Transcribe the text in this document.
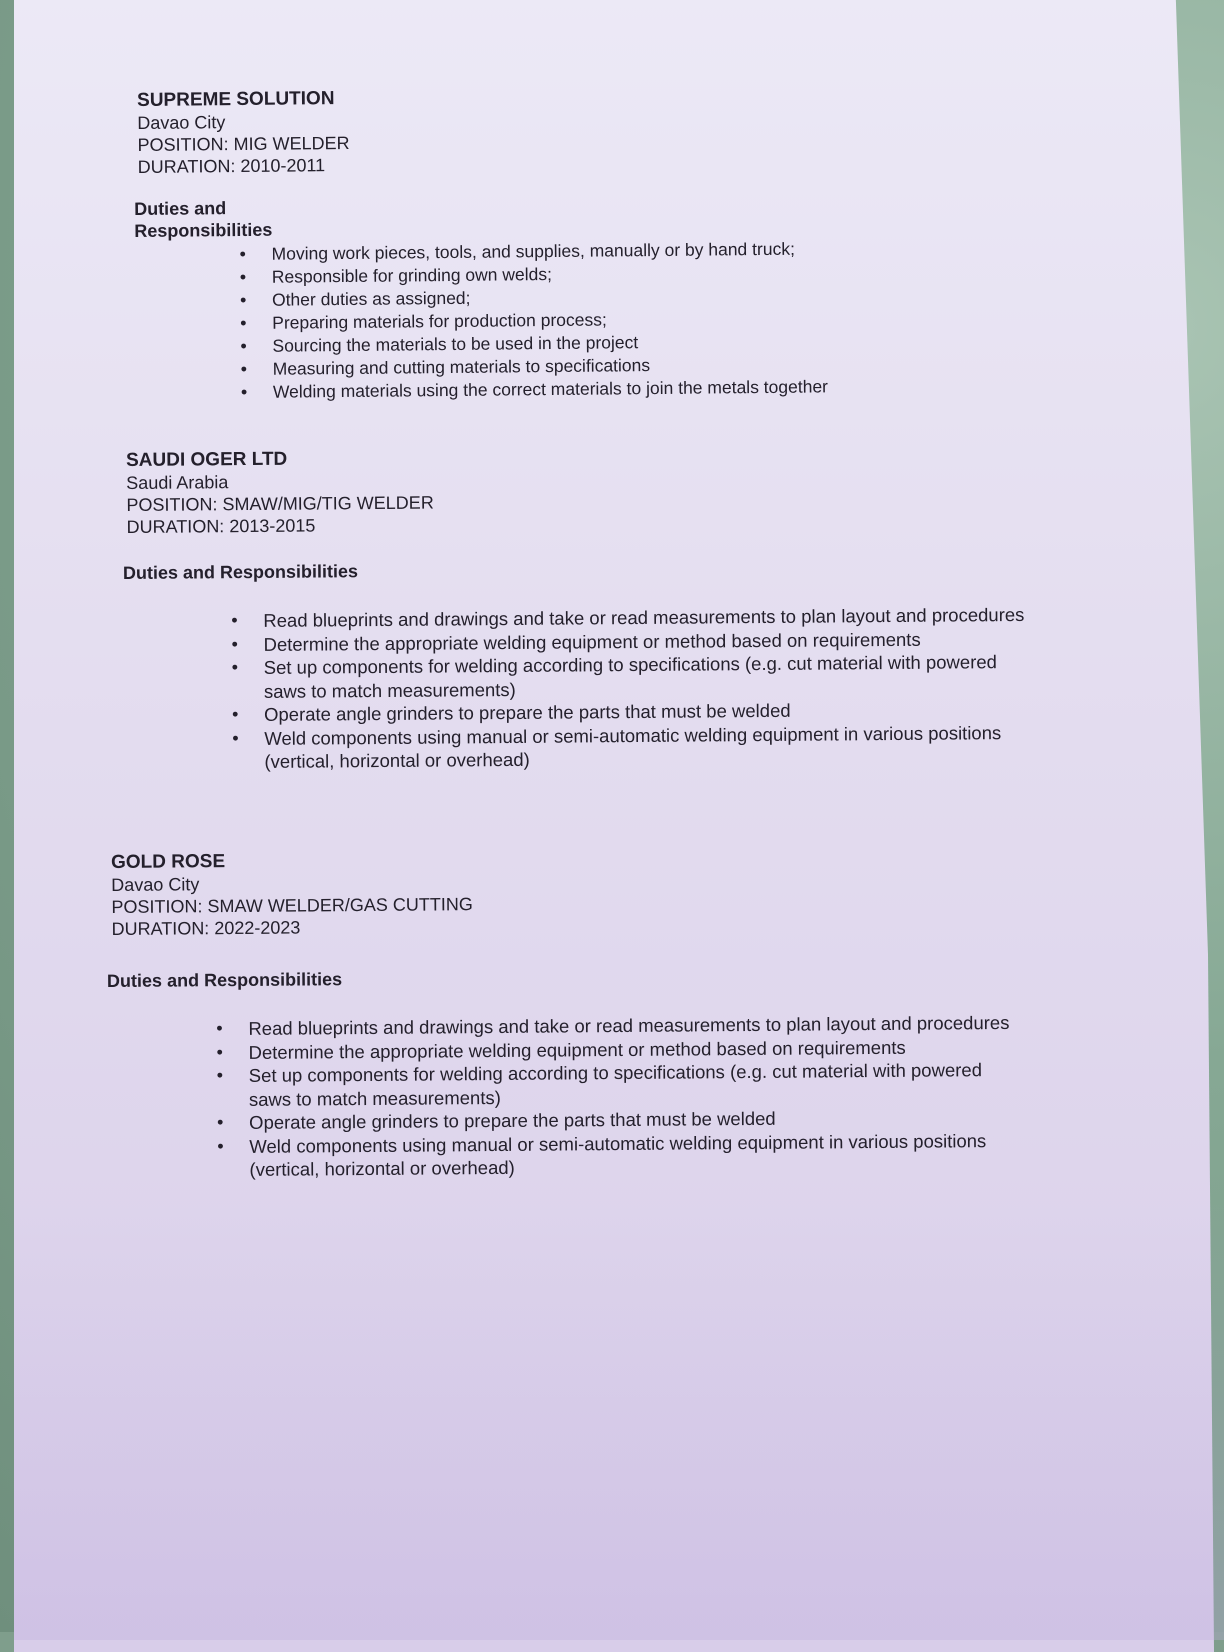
SUPREME SOLUTION

Davao City

POSITION: MIG WELDER

DURATION: 2010-2011

Duties and Responsibilities

• Moving work pieces, tools, and supplies, manually or by hand truck;
• Responsible for grinding own welds;
• Other duties as assigned;
• Preparing materials for production process;
• Sourcing the materials to be used in the project
• Measuring and cutting materials to specifications
• Welding materials using the correct materials to join the metals together

SAUDI OGER LTD

Saudi Arabia

POSITION: SMAW/MIG/TIG WELDER

DURATION: 2013-2015

Duties and Responsibilities

• Read blueprints and drawings and take or read measurements to plan layout and procedures
• Determine the appropriate welding equipment or method based on requirements
• Set up components for welding according to specifications (e.g. cut material with powered saws to match measurements)
• Operate angle grinders to prepare the parts that must be welded
• Weld components using manual or semi-automatic welding equipment in various positions (vertical, horizontal or overhead)

GOLD ROSE

Davao City

POSITION: SMAW WELDER/GAS CUTTING

DURATION: 2022-2023

Duties and Responsibilities

• Read blueprints and drawings and take or read measurements to plan layout and procedures
• Determine the appropriate welding equipment or method based on requirements
• Set up components for welding according to specifications (e.g. cut material with powered saws to match measurements)
• Operate angle grinders to prepare the parts that must be welded
• Weld components using manual or semi-automatic welding equipment in various positions (vertical, horizontal or overhead)
